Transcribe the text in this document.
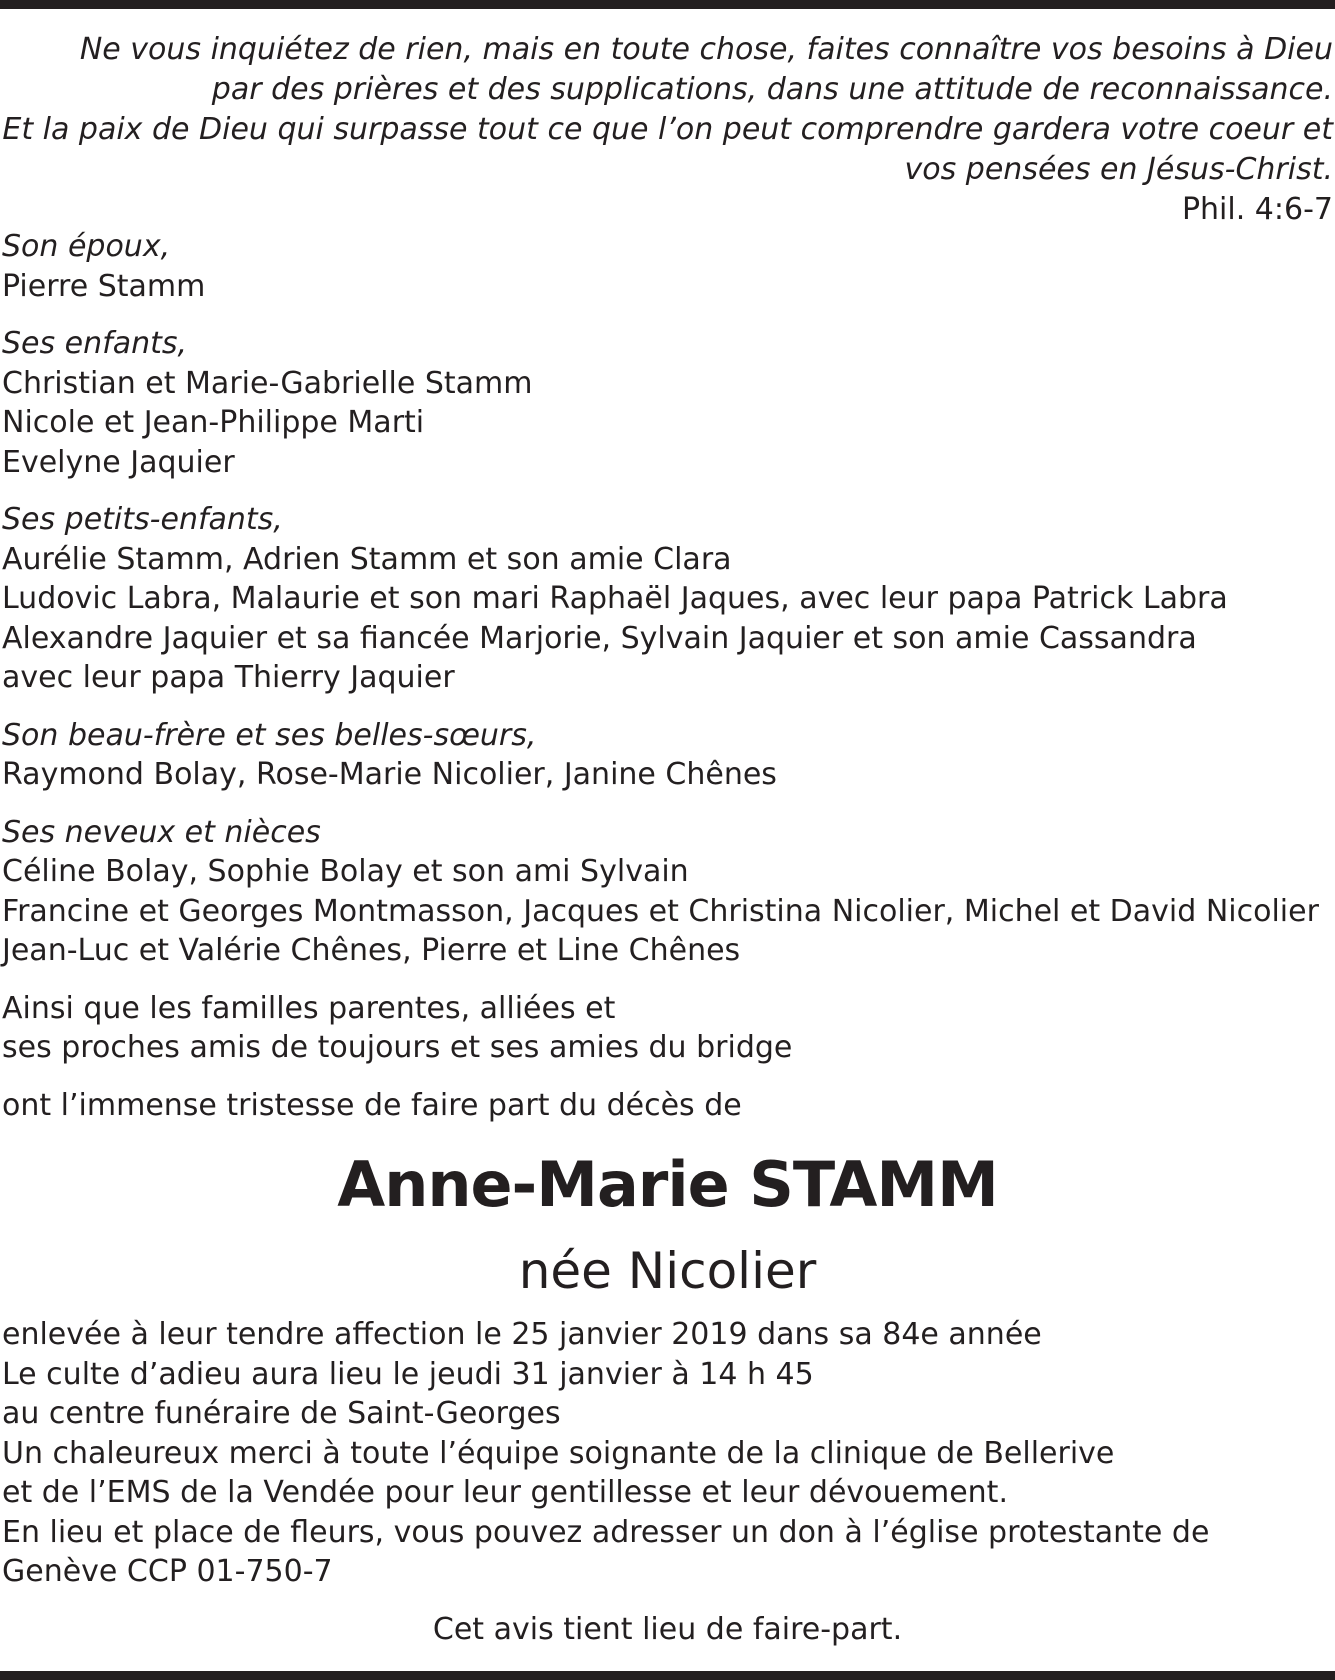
Ne vous inquiétez de rien, mais en toute chose, faites connaître vos besoins à Dieu
par des prières et des supplications, dans une attitude de reconnaissance.
Et la paix de Dieu qui surpasse tout ce que l’on peut comprendre gardera votre coeur et
vos pensées en Jésus-Christ.
Phil. 4:6-7
Son époux,
Pierre Stamm
Ses enfants,
Christian et Marie-Gabrielle Stamm
Nicole et Jean-Philippe Marti
Evelyne Jaquier
Ses petits-enfants,
Aurélie Stamm, Adrien Stamm et son amie Clara
Ludovic Labra, Malaurie et son mari Raphaël Jaques, avec leur papa Patrick Labra
Alexandre Jaquier et sa fiancée Marjorie, Sylvain Jaquier et son amie Cassandra
avec leur papa Thierry Jaquier
Son beau-frère et ses belles-sœurs,
Raymond Bolay, Rose-Marie Nicolier, Janine Chênes
Ses neveux et nièces
Céline Bolay, Sophie Bolay et son ami Sylvain
Francine et Georges Montmasson, Jacques et Christina Nicolier, Michel et David Nicolier
Jean-Luc et Valérie Chênes, Pierre et Line Chênes
Ainsi que les familles parentes, alliées et
ses proches amis de toujours et ses amies du bridge
ont l’immense tristesse de faire part du décès de
Anne-Marie STAMM
née Nicolier
enlevée à leur tendre affection le 25 janvier 2019 dans sa 84e année
Le culte d’adieu aura lieu le jeudi 31 janvier à 14 h 45
au centre funéraire de Saint-Georges
Un chaleureux merci à toute l’équipe soignante de la clinique de Bellerive
et de l’EMS de la Vendée pour leur gentillesse et leur dévouement.
En lieu et place de fleurs, vous pouvez adresser un don à l’église protestante de
Genève CCP 01-750-7
Cet avis tient lieu de faire-part.
